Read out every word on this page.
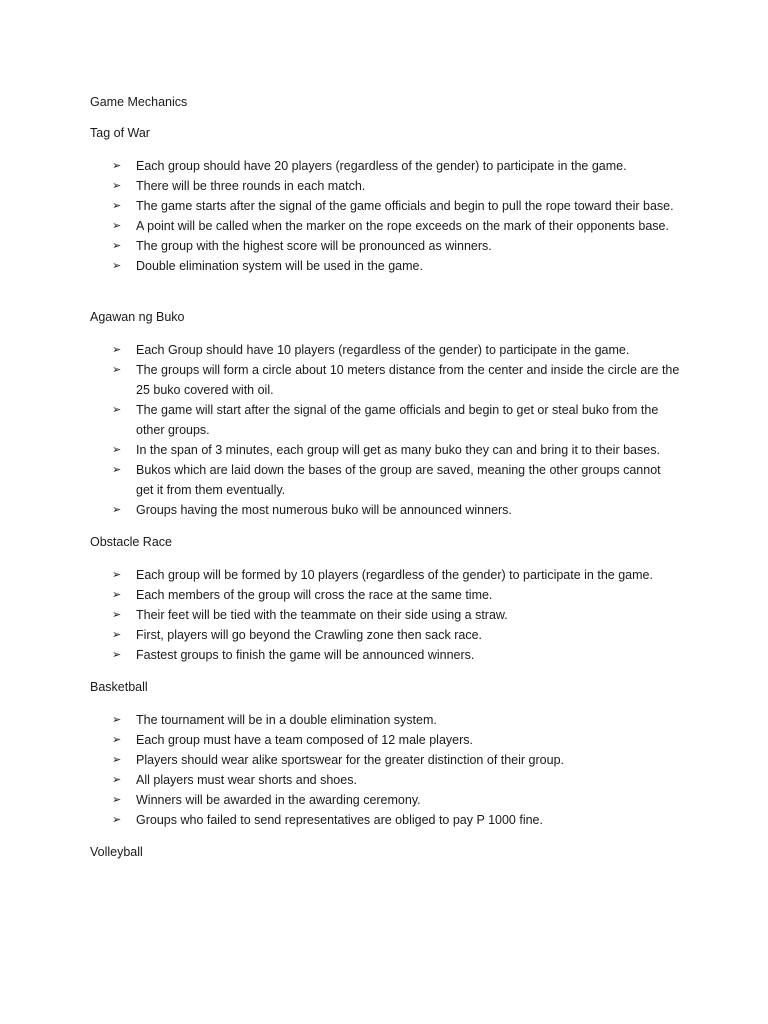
Game Mechanics
Tag of War
➢	Each group should have 20 players (regardless of the gender) to participate in the game.
➢	There will be three rounds in each match.
➢	The game starts after the signal of the game officials and begin to pull the rope toward their base.
➢	A point will be called when the marker on the rope exceeds on the mark of their opponents base.
➢	The group with the highest score will be pronounced as winners.
➢	Double elimination system will be used in the game.
Agawan ng Buko
➢	Each Group should have 10 players (regardless of the gender) to participate in the game.
➢	The groups will form a circle about 10 meters distance from the center and inside the circle are the 25 buko covered with oil.
➢	The game will start after the signal of the game officials and begin to get or steal buko from the other groups.
➢	In the span of 3 minutes, each group will get as many buko they can and bring it to their bases.
➢	Bukos which are laid down the bases of the group are saved, meaning the other groups cannot get it from them eventually.
➢	Groups having the most numerous buko will be announced winners.
Obstacle Race
➢	Each group will be formed by 10 players (regardless of the gender) to participate in the game.
➢	Each members of the group will cross the race at the same time.
➢	Their feet will be tied with the teammate on their side using a straw.
➢	First, players will go beyond the Crawling zone then sack race.
➢	Fastest groups to finish the game will be announced winners.
Basketball
➢	The tournament will be in a double elimination system.
➢	Each group must have a team composed of 12 male players.
➢	Players should wear alike sportswear for the greater distinction of their group.
➢	All players must wear shorts and shoes.
➢	Winners will be awarded in the awarding ceremony.
➢	Groups who failed to send representatives are obliged to pay P 1000 fine.
Volleyball
